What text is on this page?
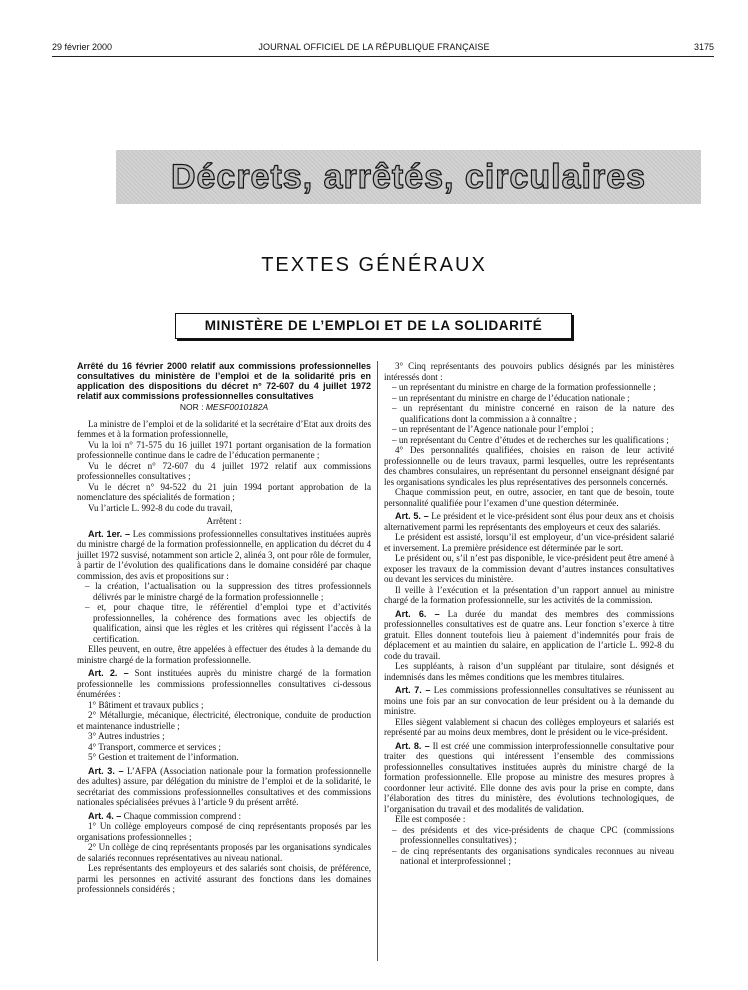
29 février 2000	JOURNAL OFFICIEL DE LA RÉPUBLIQUE FRANÇAISE	3175
Décrets, arrêtés, circulaires
TEXTES GÉNÉRAUX
MINISTÈRE DE L’EMPLOI ET DE LA SOLIDARITÉ

Arrêté du 16 février 2000 relatif aux commissions professionnelles consultatives du ministère de l’emploi et de la solidarité pris en application des dispositions du décret n° 72-607 du 4 juillet 1972 relatif aux commissions professionnelles consultatives

NOR : MESF0010182A

La ministre de l’emploi et de la solidarité et la secrétaire d’Etat aux droits des femmes et à la formation professionnelle,

Vu la loi n° 71-575 du 16 juillet 1971 portant organisation de la formation professionnelle continue dans le cadre de l’éducation permanente ;

Vu le décret n° 72-607 du 4 juillet 1972 relatif aux commissions professionnelles consultatives ;

Vu le décret n° 94-522 du 21 juin 1994 portant approbation de la nomenclature des spécialités de formation ;

Vu l’article L. 992-8 du code du travail,

Arrêtent :

Art. 1er. – Les commissions professionnelles consultatives instituées auprès du ministre chargé de la formation professionnelle, en application du décret du 4 juillet 1972 susvisé, notamment son article 2, alinéa 3, ont pour rôle de formuler, à partir de l’évolution des qualifications dans le domaine considéré par chaque commission, des avis et propositions sur :

– la création, l’actualisation ou la suppression des titres professionnels délivrés par le ministre chargé de la formation professionnelle ;

– et, pour chaque titre, le référentiel d’emploi type et d’activités professionnelles, la cohérence des formations avec les objectifs de qualification, ainsi que les règles et les critères qui régissent l’accès à la certification.

Elles peuvent, en outre, être appelées à effectuer des études à la demande du ministre chargé de la formation professionnelle.

Art. 2. – Sont instituées auprès du ministre chargé de la formation professionnelle les commissions professionnelles consultatives ci-dessous énumérées :

1° Bâtiment et travaux publics ;

2° Métallurgie, mécanique, électricité, électronique, conduite de production et maintenance industrielle ;

3° Autres industries ;

4° Transport, commerce et services ;

5° Gestion et traitement de l’information.

Art. 3. – L’AFPA (Association nationale pour la formation professionnelle des adultes) assure, par délégation du ministre de l’emploi et de la solidarité, le secrétariat des commissions professionnelles consultatives et des commissions nationales spécialisées prévues à l’article 9 du présent arrêté.

Art. 4. – Chaque commission comprend :

1° Un collège employeurs composé de cinq représentants proposés par les organisations professionnelles ;

2° Un collège de cinq représentants proposés par les organisations syndicales de salariés reconnues représentatives au niveau national.

Les représentants des employeurs et des salariés sont choisis, de préférence, parmi les personnes en activité assurant des fonctions dans les domaines professionnels considérés ;

3° Cinq représentants des pouvoirs publics désignés par les ministères intéressés dont :

– un représentant du ministre en charge de la formation professionnelle ;

– un représentant du ministre en charge de l’éducation nationale ;

– un représentant du ministre concerné en raison de la nature des qualifications dont la commission a à connaître ;

– un représentant de l’Agence nationale pour l’emploi ;

– un représentant du Centre d’études et de recherches sur les qualifications ;

4° Des personnalités qualifiées, choisies en raison de leur activité professionnelle ou de leurs travaux, parmi lesquelles, outre les représentants des chambres consulaires, un représentant du personnel enseignant désigné par les organisations syndicales les plus représentatives des personnels concernés.

Chaque commission peut, en outre, associer, en tant que de besoin, toute personnalité qualifiée pour l’examen d’une question déterminée.

Art. 5. – Le président et le vice-président sont élus pour deux ans et choisis alternativement parmi les représentants des employeurs et ceux des salariés.

Le président est assisté, lorsqu’il est employeur, d’un vice-président salarié et inversement. La première présidence est déterminée par le sort.

Le président ou, s’il n’est pas disponible, le vice-président peut être amené à exposer les travaux de la commission devant d’autres instances consultatives ou devant les services du ministère.

Il veille à l’exécution et la présentation d’un rapport annuel au ministre chargé de la formation professionnelle, sur les activités de la commission.

Art. 6. – La durée du mandat des membres des commissions professionnelles consultatives est de quatre ans. Leur fonction s’exerce à titre gratuit. Elles donnent toutefois lieu à paiement d’indemnités pour frais de déplacement et au maintien du salaire, en application de l’article L. 992-8 du code du travail.

Les suppléants, à raison d’un suppléant par titulaire, sont désignés et indemnisés dans les mêmes conditions que les membres titulaires.

Art. 7. – Les commissions professionnelles consultatives se réunissent au moins une fois par an sur convocation de leur président ou à la demande du ministre.

Elles siègent valablement si chacun des collèges employeurs et salariés est représenté par au moins deux membres, dont le président ou le vice-président.

Art. 8. – Il est créé une commission interprofessionnelle consultative pour traiter des questions qui intéressent l’ensemble des commissions professionnelles consultatives instituées auprès du ministre chargé de la formation professionnelle. Elle propose au ministre des mesures propres à coordonner leur activité. Elle donne des avis pour la prise en compte, dans l’élaboration des titres du ministère, des évolutions technologiques, de l’organisation du travail et des modalités de validation.

Elle est composée :

– des présidents et des vice-présidents de chaque CPC (commissions professionnelles consultatives) ;

– de cinq représentants des organisations syndicales reconnues au niveau national et interprofessionnel ;
